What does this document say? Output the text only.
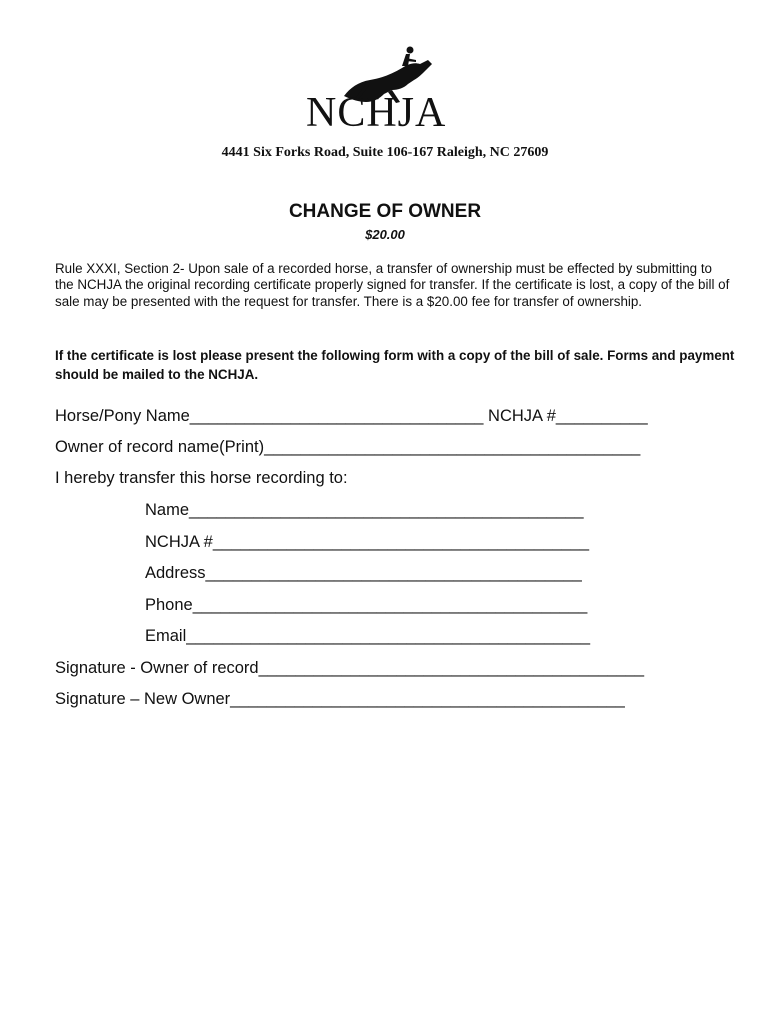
NCHJA
4441 Six Forks Road, Suite 106-167 Raleigh, NC 27609
CHANGE OF OWNER
$20.00

Rule XXXI, Section 2- Upon sale of a recorded horse, a transfer of ownership must be effected by submitting to the NCHJA the original recording certificate properly signed for transfer. If the certificate is lost, a copy of the bill of sale may be presented with the request for transfer. There is a $20.00 fee for transfer of ownership.

If the certificate is lost please present the following form with a copy of the bill of sale. Forms and payment should be mailed to the NCHJA.

Horse/Pony Name________________________________ NCHJA #__________
Owner of record name(Print)_________________________________________
I hereby transfer this horse recording to:
Name___________________________________________
NCHJA #_________________________________________
Address_________________________________________
Phone___________________________________________
Email____________________________________________
Signature - Owner of record__________________________________________
Signature – New Owner___________________________________________
